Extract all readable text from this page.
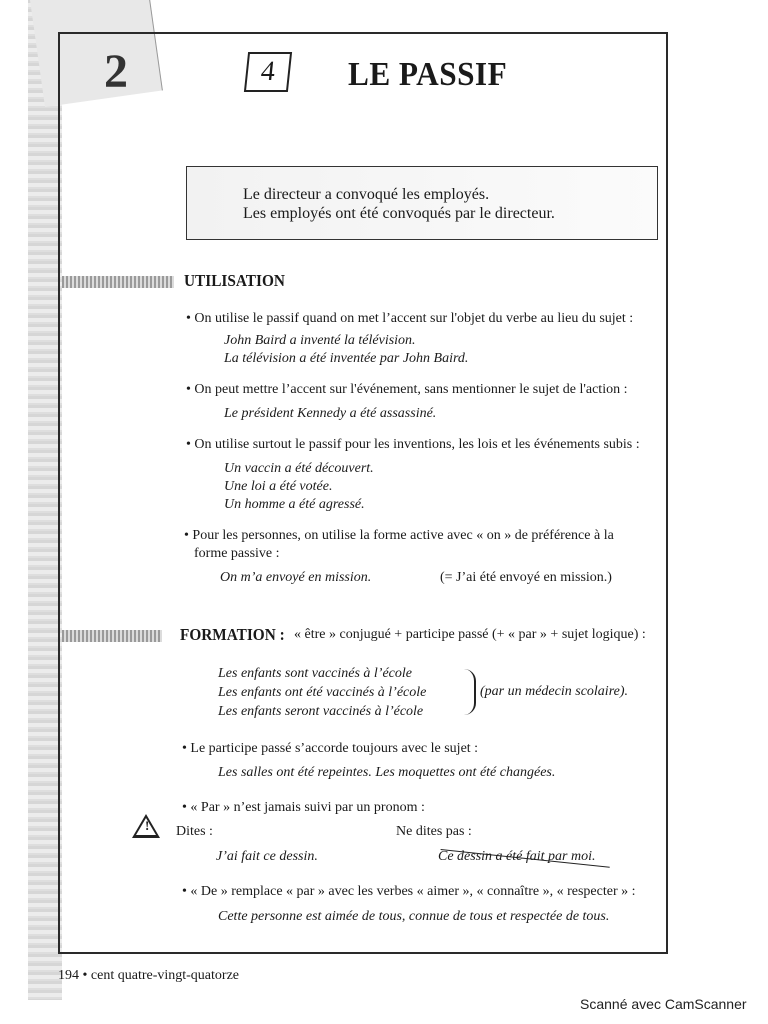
2	4	LE PASSIF
Le directeur a convoqué les employés.
Les employés ont été convoqués par le directeur.
UTILISATION
• On utilise le passif quand on met l’accent sur l'objet du verbe au lieu du sujet :
John Baird a inventé la télévision.
La télévision a été inventée par John Baird.
• On peut mettre l’accent sur l'événement, sans mentionner le sujet de l'action :
Le président Kennedy a été assassiné.
• On utilise surtout le passif pour les inventions, les lois et les événements subis :
Un vaccin a été découvert.
Une loi a été votée.
Un homme a été agressé.
• Pour les personnes, on utilise la forme active avec « on » de préférence à la
forme passive :
On m’a envoyé en mission.	(= J’ai été envoyé en mission.)
FORMATION : « être » conjugué + participe passé (+ « par » + sujet logique) :
Les enfants sont vaccinés à l’école
Les enfants ont été vaccinés à l’école
Les enfants seront vaccinés à l’école
(par un médecin scolaire).
• Le participe passé s’accorde toujours avec le sujet :
Les salles ont été repeintes. Les moquettes ont été changées.
• « Par » n’est jamais suivi par un pronom :
! Dites :	Ne dites pas :
J’ai fait ce dessin.	Ce dessin a été fait par moi.
• « De » remplace « par » avec les verbes « aimer », « connaître », « respecter » :
Cette personne est aimée de tous, connue de tous et respectée de tous.
194 • cent quatre-vingt-quatorze
Scanné avec CamScanner
